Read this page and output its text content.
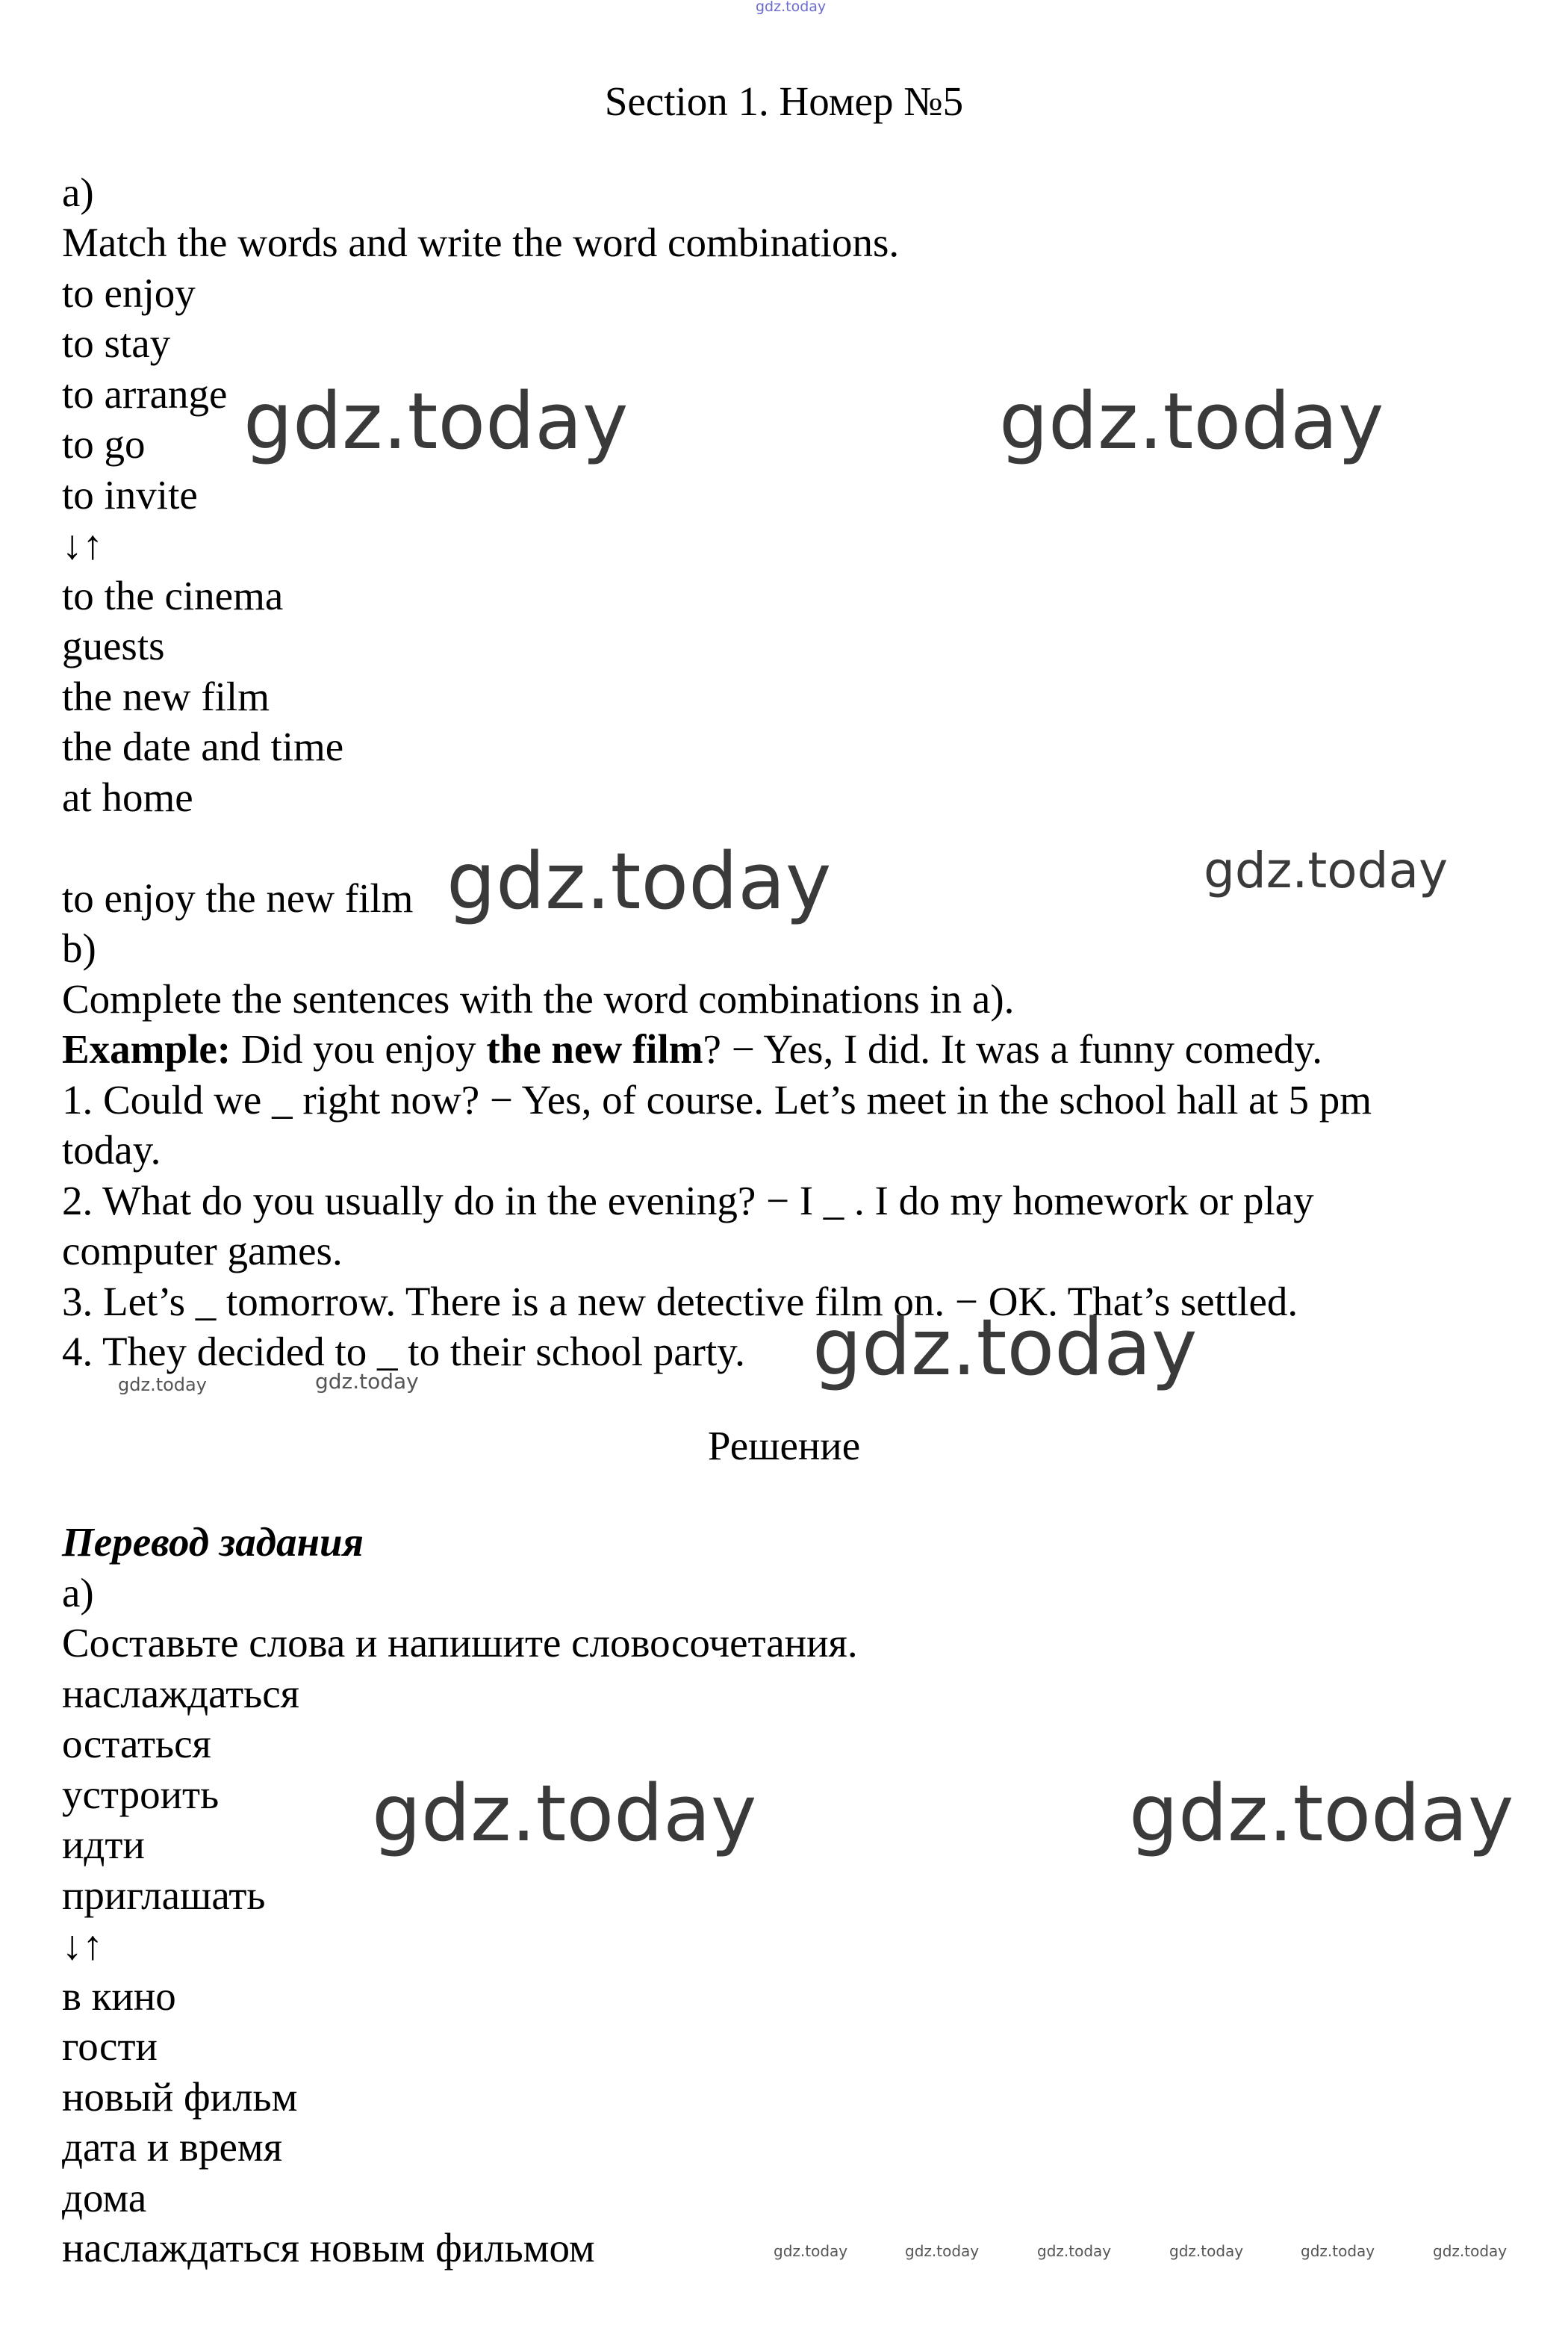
gdz.today
Section 1. Номер №5
a)
Match the words and write the word combinations.
to enjoy
to stay
to arrange
to go
to invite
↓↑
to the cinema
guests
the new film
the date and time
at home
to enjoy the new film
b)
Complete the sentences with the word combinations in a).
Example: Did you enjoy the new film? − Yes, I did. It was a funny comedy.
1. Could we _ right now? − Yes, of course. Let’s meet in the school hall at 5 pm
today.
2. What do you usually do in the evening? − I _ . I do my homework or play
computer games.
3. Let’s _ tomorrow. There is a new detective film on. − OK. That’s settled.
4. They decided to _ to their school party.
Решение
Перевод задания
а)
Составьте слова и напишите словосочетания.
наслаждаться
остаться
устроить
идти
приглашать
↓↑
в кино
гости
новый фильм
дата и время
дома
наслаждаться новым фильмом
gdz.today	gdz.today
gdz.today	gdz.today
gdz.today
gdz.today	gdz.today
gdz.today	gdz.today
gdz.today	gdz.today	gdz.today	gdz.today	gdz.today	gdz.today
